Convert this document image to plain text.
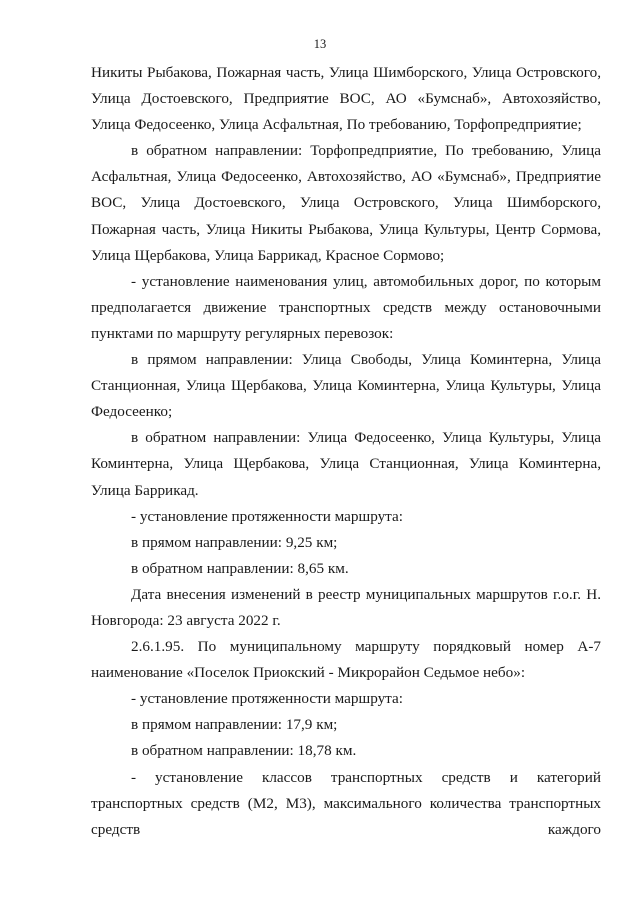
13

Никиты Рыбакова, Пожарная часть, Улица Шимборского, Улица Островского, Улица Достоевского, Предприятие ВОС, АО «Бумснаб», Автохозяйство, Улица Федосеенко, Улица Асфальтная, По требованию, Торфопредприятие;

в обратном направлении: Торфопредприятие, По требованию, Улица Асфальтная, Улица Федосеенко, Автохозяйство, АО «Бумснаб», Предприятие ВОС, Улица Достоевского, Улица Островского, Улица Шимборского, Пожарная часть, Улица Никиты Рыбакова, Улица Культуры, Центр Сормова, Улица Щербакова, Улица Баррикад, Красное Сормово;

- установление наименования улиц, автомобильных дорог, по которым предполагается движение транспортных средств между остановочными пунктами по маршруту регулярных перевозок:

в прямом направлении: Улица Свободы, Улица Коминтерна, Улица Станционная, Улица Щербакова, Улица Коминтерна, Улица Культуры, Улица Федосеенко;

в обратном направлении: Улица Федосеенко, Улица Культуры, Улица Коминтерна, Улица Щербакова, Улица Станционная, Улица Коминтерна, Улица Баррикад.

- установление протяженности маршрута:

в прямом направлении: 9,25 км;

в обратном направлении: 8,65 км.

Дата внесения изменений в реестр муниципальных маршрутов г.о.г. Н. Новгорода: 23 августа 2022 г.

2.6.1.95. По муниципальному маршруту порядковый номер А-7 наименование «Поселок Приокский - Микрорайон Седьмое небо»:

- установление протяженности маршрута:

в прямом направлении: 17,9 км;

в обратном направлении: 18,78 км.

- установление классов транспортных средств и категорий транспортных средств (М2, М3), максимального количества транспортных средств каждого
